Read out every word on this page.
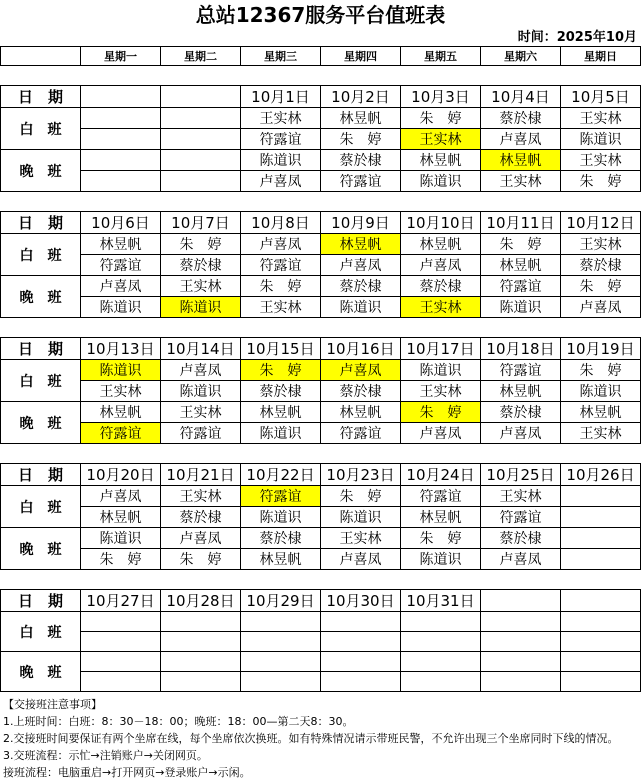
总站12367服务平台值班表
时间：2025年10月
	星期一	星期二	星期三	星期四	星期五	星期六	星期日

日　期			10月1日	10月2日	10月3日	10月4日	10月5日
白　班			王实林	林昱帆	朱　婷	蔡於棣	王实林
			符露谊	朱　婷	王实林	卢喜凤	陈道识
晚　班			陈道识	蔡於棣	林昱帆	林昱帆	王实林
			卢喜凤	符露谊	陈道识	王实林	朱　婷

日　期	10月6日	10月7日	10月8日	10月9日	10月10日	10月11日	10月12日
白　班	林昱帆	朱　婷	卢喜凤	林昱帆	林昱帆	朱　婷	王实林
	符露谊	蔡於棣	符露谊	卢喜凤	卢喜凤	林昱帆	蔡於棣
晚　班	卢喜凤	王实林	朱　婷	蔡於棣	蔡於棣	符露谊	朱　婷
	陈道识	陈道识	王实林	陈道识	王实林	陈道识	卢喜凤

日　期	10月13日	10月14日	10月15日	10月16日	10月17日	10月18日	10月19日
白　班	陈道识	卢喜凤	朱　婷	卢喜凤	陈道识	符露谊	朱　婷
	王实林	陈道识	蔡於棣	蔡於棣	王实林	林昱帆	陈道识
晚　班	林昱帆	王实林	林昱帆	林昱帆	朱　婷	蔡於棣	林昱帆
	符露谊	符露谊	陈道识	符露谊	卢喜凤	卢喜凤	王实林

日　期	10月20日	10月21日	10月22日	10月23日	10月24日	10月25日	10月26日
白　班	卢喜凤	王实林	符露谊	朱　婷	符露谊	王实林	
	林昱帆	蔡於棣	陈道识	陈道识	林昱帆	符露谊	
晚　班	陈道识	卢喜凤	蔡於棣	王实林	朱　婷	蔡於棣	
	朱　婷	朱　婷	林昱帆	卢喜凤	陈道识	卢喜凤	

日　期	10月27日	10月28日	10月29日	10月30日	10月31日		
白　班							

晚　班							

【交接班注意事项】
1.上班时间：白班：8：30－18：00；晚班：18：00—第二天8：30。
2.交接班时间要保证有两个坐席在线，每个坐席依次换班。如有特殊情况请示带班民警，不允许出现三个坐席同时下线的情况。
3.交班流程：示忙→注销账户→关闭网页。
接班流程：电脑重启→打开网页→登录账户→示闲。
